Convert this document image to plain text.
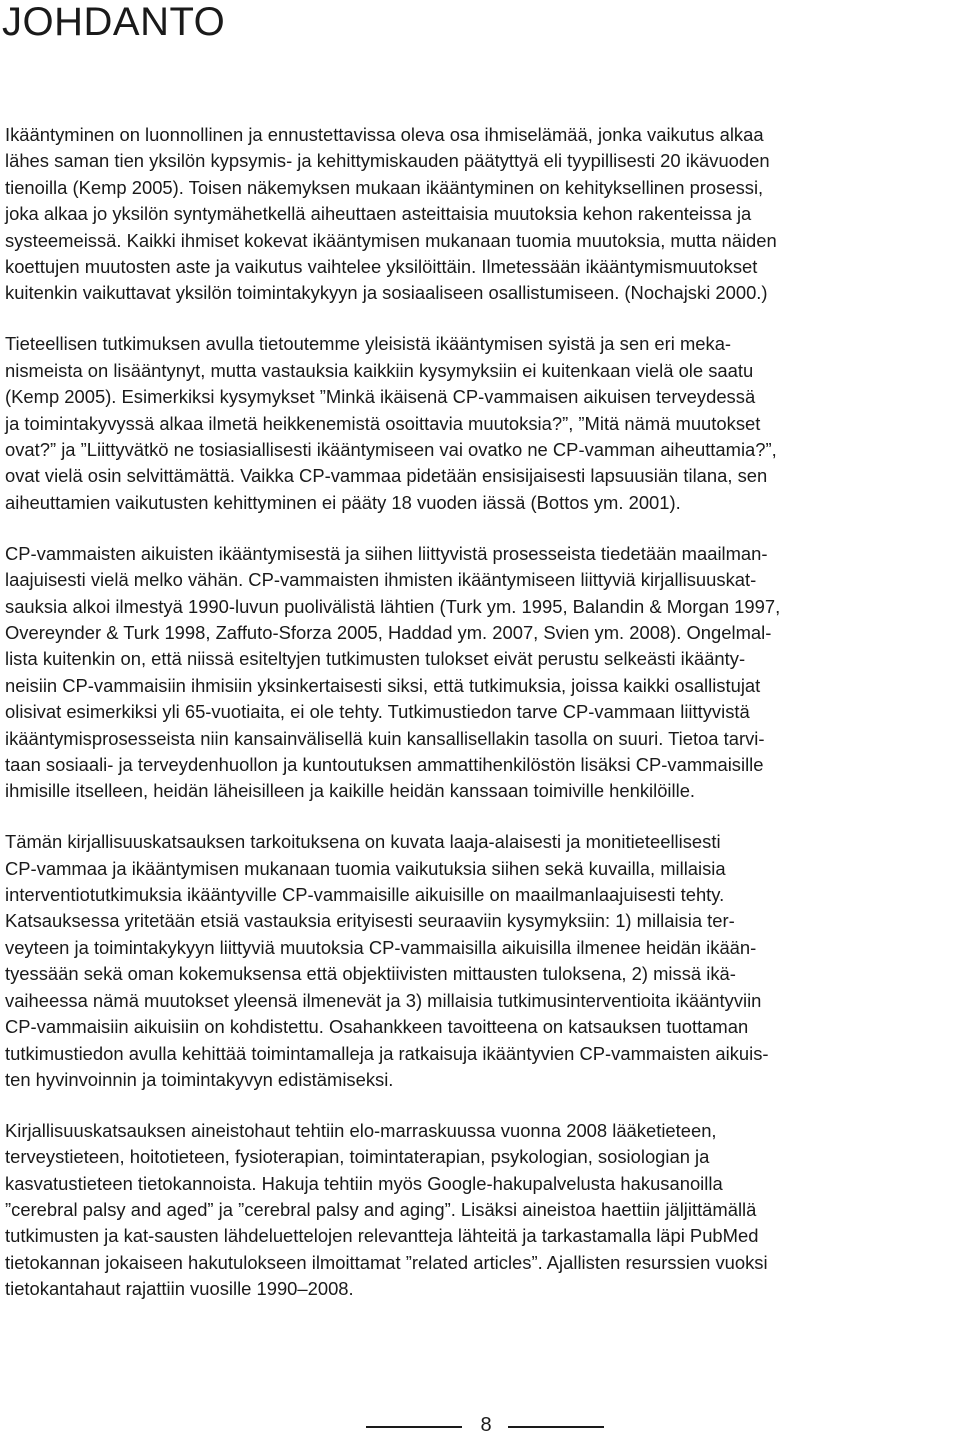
JOHDANTO

Ikääntyminen on luonnollinen ja ennustettavissa oleva osa ihmiselämää, jonka vaikutus alkaa
lähes saman tien yksilön kypsymis- ja kehittymiskauden päätyttyä eli tyypillisesti 20 ikävuoden
tienoilla (Kemp 2005). Toisen näkemyksen mukaan ikääntyminen on kehityksellinen prosessi,
joka alkaa jo yksilön syntymähetkellä aiheuttaen asteittaisia muutoksia kehon rakenteissa ja
systeemeissä. Kaikki ihmiset kokevat ikääntymisen mukanaan tuomia muutoksia, mutta näiden
koettujen muutosten aste ja vaikutus vaihtelee yksilöittäin. Ilmetessään ikääntymismuutokset
kuitenkin vaikuttavat yksilön toimintakykyyn ja sosiaaliseen osallistumiseen. (Nochajski 2000.)

Tieteellisen tutkimuksen avulla tietoutemme yleisistä ikääntymisen syistä ja sen eri meka-
nismeista on lisääntynyt, mutta vastauksia kaikkiin kysymyksiin ei kuitenkaan vielä ole saatu
(Kemp 2005). Esimerkiksi kysymykset ”Minkä ikäisenä CP-vammaisen aikuisen terveydessä
ja toimintakyvyssä alkaa ilmetä heikkenemistä osoittavia muutoksia?”, ”Mitä nämä muutokset
ovat?” ja ”Liittyvätkö ne tosiasiallisesti ikääntymiseen vai ovatko ne CP-vamman aiheuttamia?”,
ovat vielä osin selvittämättä. Vaikka CP-vammaa pidetään ensisijaisesti lapsuusiän tilana, sen
aiheuttamien vaikutusten kehittyminen ei pääty 18 vuoden iässä (Bottos ym. 2001).

CP-vammaisten aikuisten ikääntymisestä ja siihen liittyvistä prosesseista tiedetään maailman-
laajuisesti vielä melko vähän. CP-vammaisten ihmisten ikääntymiseen liittyviä kirjallisuuskat-
sauksia alkoi ilmestyä 1990-luvun puolivälistä lähtien (Turk ym. 1995, Balandin & Morgan 1997,
Overeynder & Turk 1998, Zaffuto-Sforza 2005, Haddad ym. 2007, Svien ym. 2008). Ongelmal-
lista kuitenkin on, että niissä esiteltyjen tutkimusten tulokset eivät perustu selkeästi ikäänty-
neisiin CP-vammaisiin ihmisiin yksinkertaisesti siksi, että tutkimuksia, joissa kaikki osallistujat
olisivat esimerkiksi yli 65-vuotiaita, ei ole tehty. Tutkimustiedon tarve CP-vammaan liittyvistä
ikääntymisprosesseista niin kansainvälisellä kuin kansallisellakin tasolla on suuri. Tietoa tarvi-
taan sosiaali- ja terveydenhuollon ja kuntoutuksen ammattihenkilöstön lisäksi CP-vammaisille
ihmisille itselleen, heidän läheisilleen ja kaikille heidän kanssaan toimiville henkilöille.

Tämän kirjallisuuskatsauksen tarkoituksena on kuvata laaja-alaisesti ja monitieteellisesti
CP-vammaa ja ikääntymisen mukanaan tuomia vaikutuksia siihen sekä kuvailla, millaisia
interventiotutkimuksia ikääntyville CP-vammaisille aikuisille on maailmanlaajuisesti tehty.
Katsauksessa yritetään etsiä vastauksia erityisesti seuraaviin kysymyksiin: 1) millaisia ter-
veyteen ja toimintakykyyn liittyviä muutoksia CP-vammaisilla aikuisilla ilmenee heidän ikään-
tyessään sekä oman kokemuksensa että objektiivisten mittausten tuloksena, 2) missä ikä-
vaiheessa nämä muutokset yleensä ilmenevät ja 3) millaisia tutkimusinterventioita ikääntyviin
CP-vammaisiin aikuisiin on kohdistettu. Osahankkeen tavoitteena on katsauksen tuottaman
tutkimustiedon avulla kehittää toimintamalleja ja ratkaisuja ikääntyvien CP-vammaisten aikuis-
ten hyvinvoinnin ja toimintakyvyn edistämiseksi.

Kirjallisuuskatsauksen aineistohaut tehtiin elo-marraskuussa vuonna 2008 lääketieteen,
terveystieteen, hoitotieteen, fysioterapian, toimintaterapian, psykologian, sosiologian ja
kasvatustieteen tietokannoista. Hakuja tehtiin myös Google-hakupalvelusta hakusanoilla
”cerebral palsy and aged” ja ”cerebral palsy and aging”. Lisäksi aineistoa haettiin jäljittämällä
tutkimusten ja kat-sausten lähdeluettelojen relevantteja lähteitä ja tarkastamalla läpi PubMed
tietokannan jokaiseen hakutulokseen ilmoittamat ”related articles”. Ajallisten resurssien vuoksi
tietokantahaut rajattiin vuosille 1990–2008.

8
